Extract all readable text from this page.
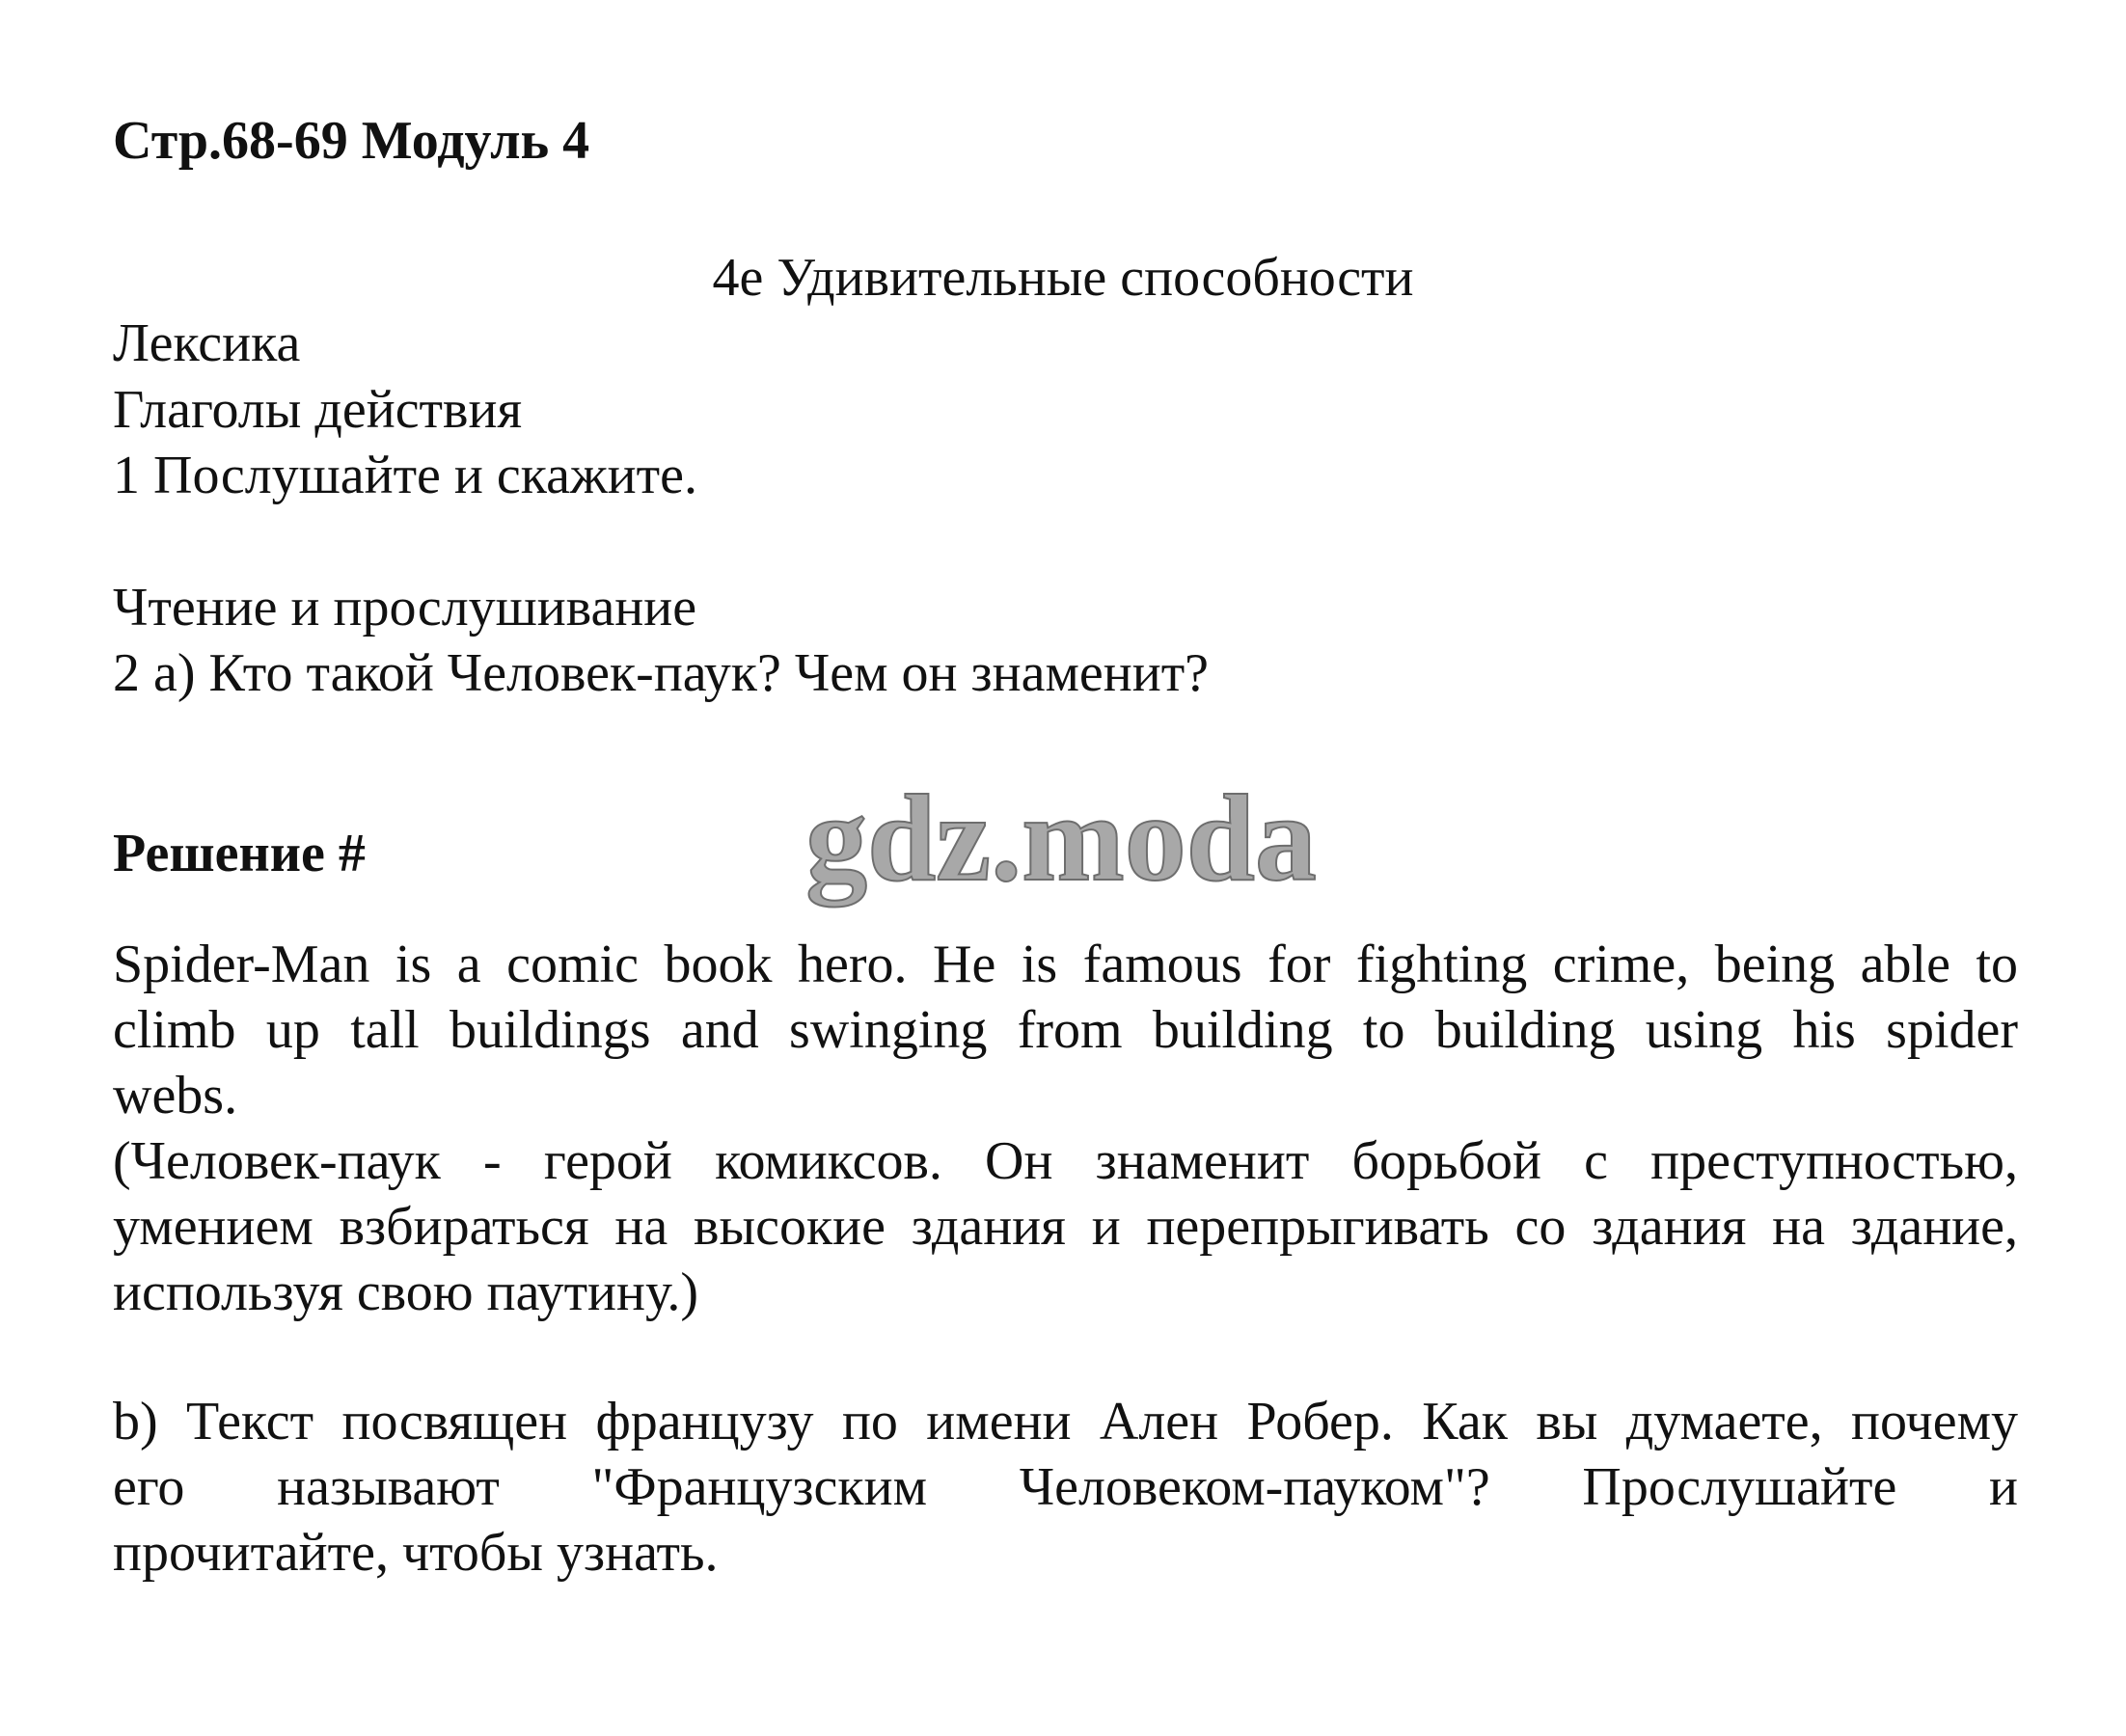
Стр.68-69 Модуль 4
4e Удивительные способности
Лексика
Глаголы действия
1 Послушайте и скажите.
Чтение и прослушивание
2 a) Кто такой Человек-паук? Чем он знаменит?
Решение #	gdz.moda
Spider-Man is a comic book hero. He is famous for fighting crime, being able to
climb up tall buildings and swinging from building to building using his spider
webs.
(Человек-паук - герой комиксов. Он знаменит борьбой с преступностью,
умением взбираться на высокие здания и перепрыгивать со здания на здание,
используя свою паутину.)
b) Текст посвящен французу по имени Ален Робер. Как вы думаете, почему
его называют "Французским Человеком-пауком"? Прослушайте и
прочитайте, чтобы узнать.
